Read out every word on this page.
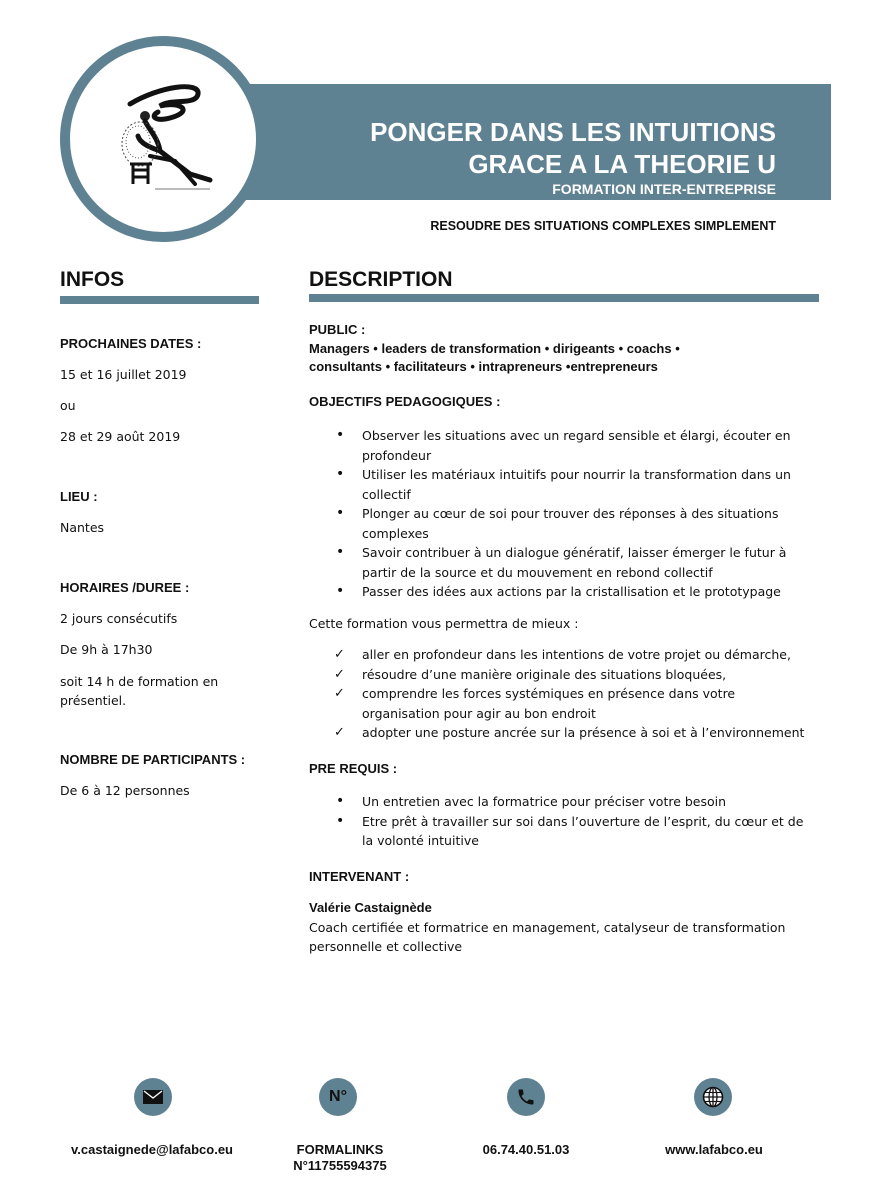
PONGER DANS LES INTUITIONS
GRACE A LA THEORIE U
FORMATION INTER-ENTREPRISE
RESOUDRE DES SITUATIONS COMPLEXES SIMPLEMENT
INFOS	DESCRIPTION
PROCHAINES DATES :
15 et 16 juillet 2019
ou
28 et 29 août 2019
LIEU :
Nantes
HORAIRES /DUREE :
2 jours consécutifs
De 9h à 17h30
soit 14 h de formation en présentiel.
NOMBRE DE PARTICIPANTS :
De 6 à 12 personnes
PUBLIC :
Managers • leaders de transformation • dirigeants • coachs •
consultants • facilitateurs • intrapreneurs •entrepreneurs
OBJECTIFS PEDAGOGIQUES :
• Observer les situations avec un regard sensible et élargi, écouter en profondeur
• Utiliser les matériaux intuitifs pour nourrir la transformation dans un collectif
• Plonger au cœur de soi pour trouver des réponses à des situations complexes
• Savoir contribuer à un dialogue génératif, laisser émerger le futur à partir de la source et du mouvement en rebond collectif
• Passer des idées aux actions par la cristallisation et le prototypage
Cette formation vous permettra de mieux :
✓ aller en profondeur dans les intentions de votre projet ou démarche,
✓ résoudre d’une manière originale des situations bloquées,
✓ comprendre les forces systémiques en présence dans votre organisation pour agir au bon endroit
✓ adopter une posture ancrée sur la présence à soi et à l’environnement
PRE REQUIS :
• Un entretien avec la formatrice pour préciser votre besoin
• Etre prêt à travailler sur soi dans l’ouverture de l’esprit, du cœur et de la volonté intuitive
INTERVENANT :
Valérie Castaignède
Coach certifiée et formatrice en management, catalyseur de transformation personnelle et collective
N°
v.castaignede@lafabco.eu	FORMALINKS
N°11755594375
06.74.40.51.03	www.lafabco.eu
